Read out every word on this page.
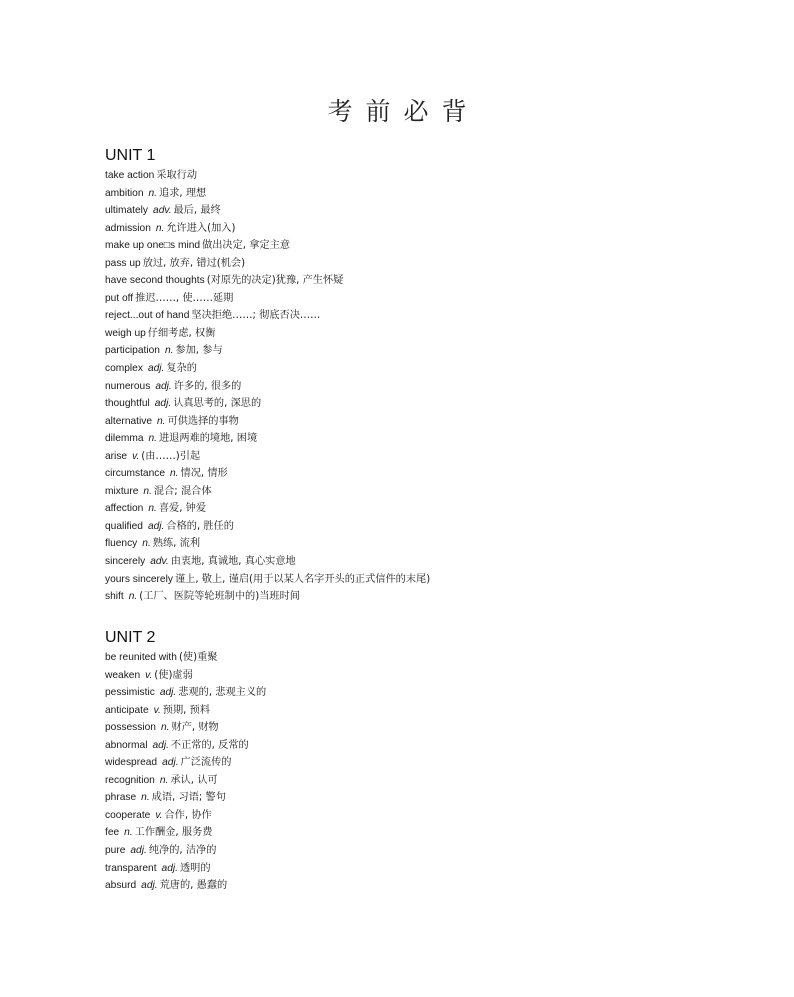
考前必背
UNIT 1
take action 采取行动
ambition n. 追求, 理想
ultimately adv. 最后, 最终
admission n. 允许进入(加入)
make up one□s mind 做出决定, 拿定主意
pass up 放过, 放弃, 错过(机会)
have second thoughts (对原先的决定)犹豫, 产生怀疑
put off 推迟……, 使……延期
reject...out of hand 坚决拒绝……; 彻底否决……
weigh up 仔细考虑, 权衡
participation n. 参加, 参与
complex adj. 复杂的
numerous adj. 许多的, 很多的
thoughtful adj. 认真思考的, 深思的
alternative n. 可供选择的事物
dilemma n. 进退两难的境地, 困境
arise v. (由……)引起
circumstance n. 情况, 情形
mixture n. 混合; 混合体
affection n. 喜爱, 钟爱
qualified adj. 合格的, 胜任的
fluency n. 熟练, 流利
sincerely adv. 由衷地, 真诚地, 真心实意地
yours sincerely 谨上, 敬上, 谨启(用于以某人名字开头的正式信件的末尾)
shift n. (工厂、医院等轮班制中的)当班时间
UNIT 2
be reunited with (使)重聚
weaken v. (使)虚弱
pessimistic adj. 悲观的, 悲观主义的
anticipate v. 预期, 预料
possession n. 财产, 财物
abnormal adj. 不正常的, 反常的
widespread adj. 广泛流传的
recognition n. 承认, 认可
phrase n. 成语, 习语; 警句
cooperate v. 合作, 协作
fee n. 工作酬金, 服务费
pure adj. 纯净的, 洁净的
transparent adj. 透明的
absurd adj. 荒唐的, 愚蠢的
